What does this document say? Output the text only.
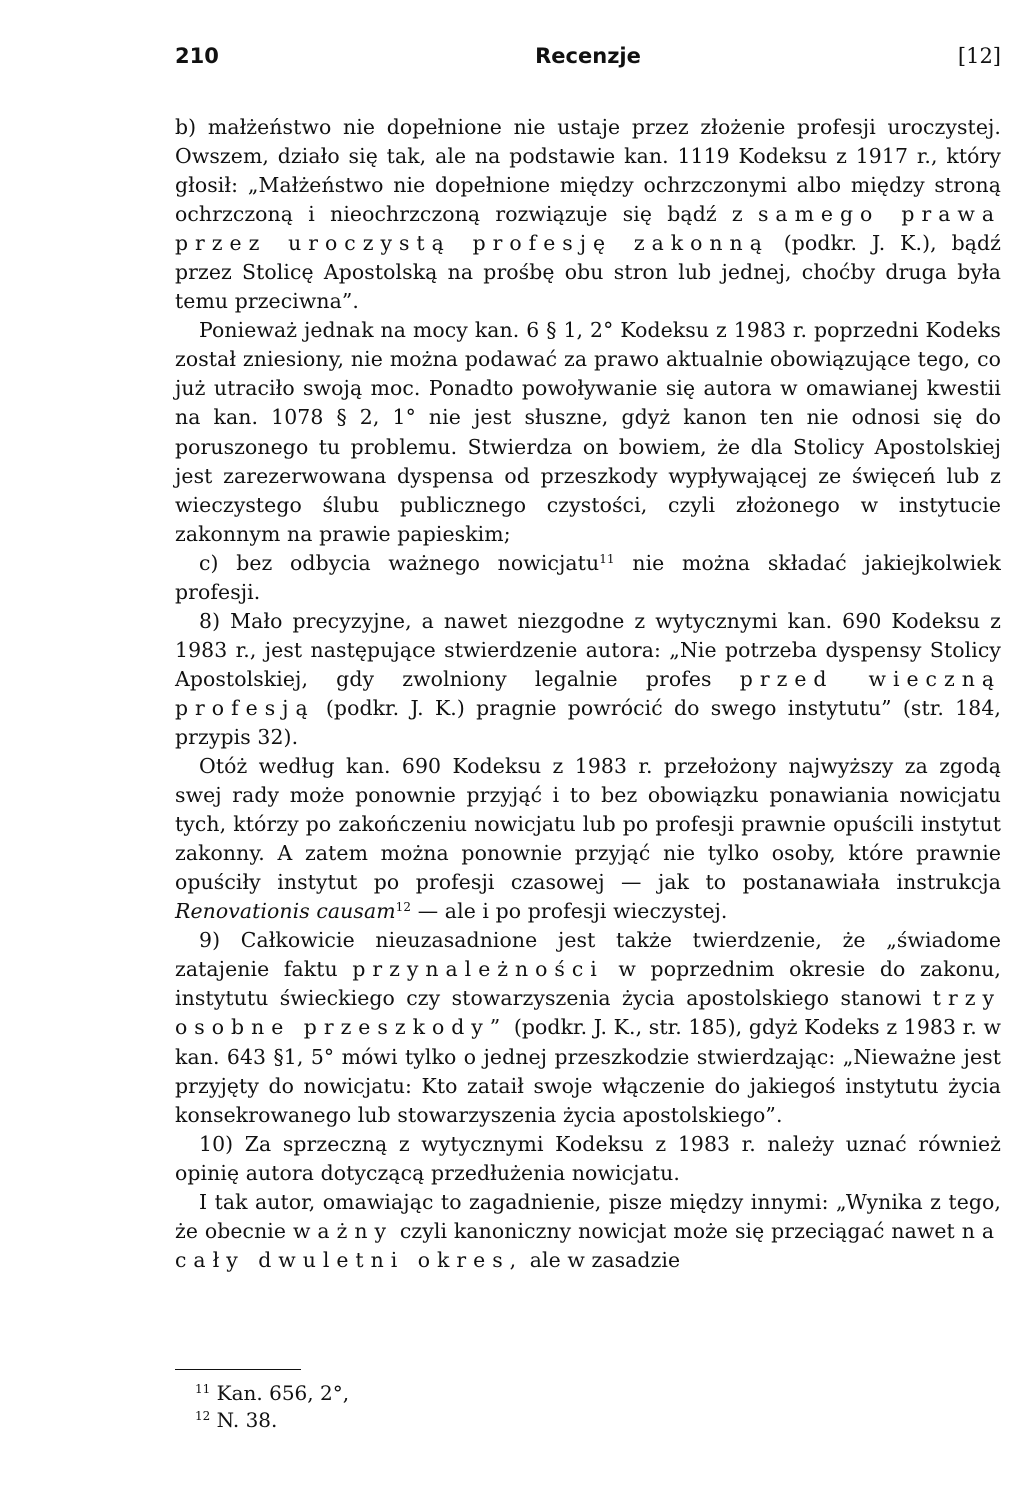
210	Recenzje	[12]

b) małżeństwo nie dopełnione nie ustaje przez złożenie profesji uroczystej. Owszem, działo się tak, ale na podstawie kan. 1119 Kodeksu z 1917 r., który głosił: „Małżeństwo nie dopełnione między ochrzczonymi albo między stroną ochrzczoną i nieochrzczoną rozwiązuje się bądź z samego prawa przez uroczystą profesję zakonną (podkr. J. K.), bądź przez Stolicę Apostolską na prośbę obu stron lub jednej, choćby druga była temu przeciwna”.

Ponieważ jednak na mocy kan. 6 § 1, 2° Kodeksu z 1983 r. poprzedni Kodeks został zniesiony, nie można podawać za prawo aktualnie obowiązujące tego, co już utraciło swoją moc. Ponadto powoływanie się autora w omawianej kwestii na kan. 1078 § 2, 1° nie jest słuszne, gdyż kanon ten nie odnosi się do poruszonego tu problemu. Stwierdza on bowiem, że dla Stolicy Apostolskiej jest zarezerwowana dyspensa od przeszkody wypływającej ze święceń lub z wieczystego ślubu publicznego czystości, czyli złożonego w instytucie zakonnym na prawie papieskim;

c) bez odbycia ważnego nowicjatu$^{11}$ nie można składać jakiejkolwiek profesji.

8) Mało precyzyjne, a nawet niezgodne z wytycznymi kan. 690 Kodeksu z 1983 r., jest następujące stwierdzenie autora: „Nie potrzeba dyspensy Stolicy Apostolskiej, gdy zwolniony legalnie profes przed wieczną profesją (podkr. J. K.) pragnie powrócić do swego instytutu” (str. 184, przypis 32).

Otóż według kan. 690 Kodeksu z 1983 r. przełożony najwyższy za zgodą swej rady może ponownie przyjąć i to bez obowiązku ponawiania nowicjatu tych, którzy po zakończeniu nowicjatu lub po profesji prawnie opuścili instytut zakonny. A zatem można ponownie przyjąć nie tylko osoby, które prawnie opuściły instytut po profesji czasowej — jak to postanawiała instrukcja Renovationis causam$^{12}$ — ale i po profesji wieczystej.

9) Całkowicie nieuzasadnione jest także twierdzenie, że „świadome zatajenie faktu przynależności w poprzednim okresie do zakonu, instytutu świeckiego czy stowarzyszenia życia apostolskiego stanowi trzy osobne przeszkody” (podkr. J. K., str. 185), gdyż Kodeks z 1983 r. w kan. 643 §1, 5° mówi tylko o jednej przeszkodzie stwierdzając: „Nieważne jest przyjęty do nowicjatu: Kto zataił swoje włączenie do jakiegoś instytutu życia konsekrowanego lub stowarzyszenia życia apostolskiego”.

10) Za sprzeczną z wytycznymi Kodeksu z 1983 r. należy uznać również opinię autora dotyczącą przedłużenia nowicjatu.

I tak autor, omawiając to zagadnienie, pisze między innymi: „Wynika z tego, że obecnie ważny czyli kanoniczny nowicjat może się przeciągać nawet na cały dwuletni okres, ale w zasadzie

$^{11}$ Kan. 656, 2°,
$^{12}$ N. 38.
